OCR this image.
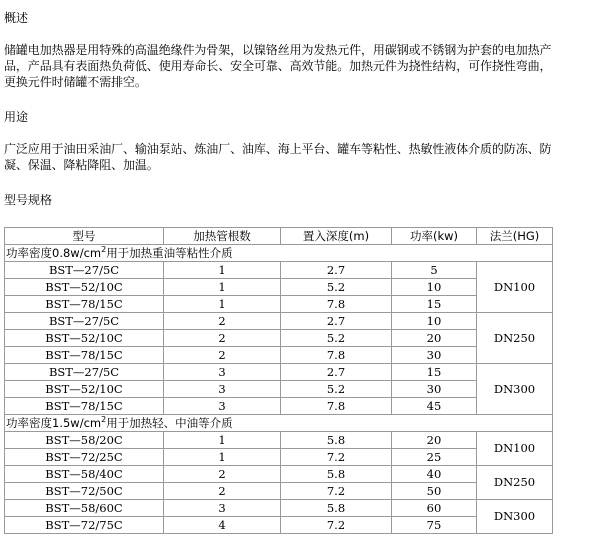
概述
储罐电加热器是用特殊的高温绝缘件为骨架，以镍铬丝用为发热元件，用碳钢或不锈钢为护套的电加热产
品，产品具有表面热负荷低、使用寿命长、安全可靠、高效节能。加热元件为挠性结构，可作挠性弯曲，
更换元件时储罐不需排空。
用途
广泛应用于油田采油厂、输油泵站、炼油厂、油库、海上平台、罐车等粘性、热敏性液体介质的防冻、防
凝、保温、降粘降阻、加温。
型号规格
型号	加热管根数	置入深度(m)	功率(kw)	法兰(HG)
功率密度$0.8w/cm^2$用于加热重油等粘性介质				
BST—27/5C	1	2.7	5	DN100
BST—52/10C	1	5.2	10	
BST—78/15C	1	7.8	15	
BST—27/5C	2	2.7	10	DN250
BST—52/10C	2	5.2	20	
BST—78/15C	2	7.8	30	
BST—27/5C	3	2.7	15	DN300
BST—52/10C	3	5.2	30	
BST—78/15C	3	7.8	45	
功率密度$1.5w/cm^2$用于加热轻、中油等介质				
BST—58/20C	1	5.8	20	DN100
BST—72/25C	1	7.2	25	
BST—58/40C	2	5.8	40	DN250
BST—72/50C	2	7.2	50	
BST—58/60C	3	5.8	60	DN300
BST—72/75C	4	7.2	75	
